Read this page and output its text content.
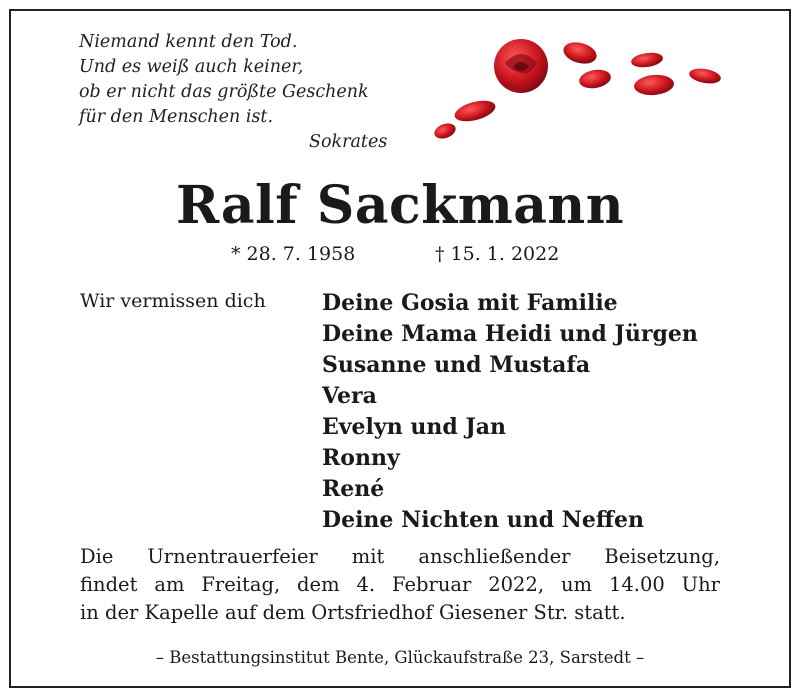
Niemand kennt den Tod.
Und es weiß auch keiner,
ob er nicht das größte Geschenk
für den Menschen ist.
Sokrates
Ralf Sackmann
* 28. 7. 1958	† 15. 1. 2022
Wir vermissen dich	Deine Gosia mit Familie
Deine Mama Heidi und Jürgen
Susanne und Mustafa
Vera
Evelyn und Jan
Ronny
René
Deine Nichten und Neffen
Die Urnentrauerfeier mit anschließender Beisetzung,
findet am Freitag, dem 4. Februar 2022, um 14.00 Uhr
in der Kapelle auf dem Ortsfriedhof Giesener Str. statt.
– Bestattungsinstitut Bente, Glückaufstraße 23, Sarstedt –
